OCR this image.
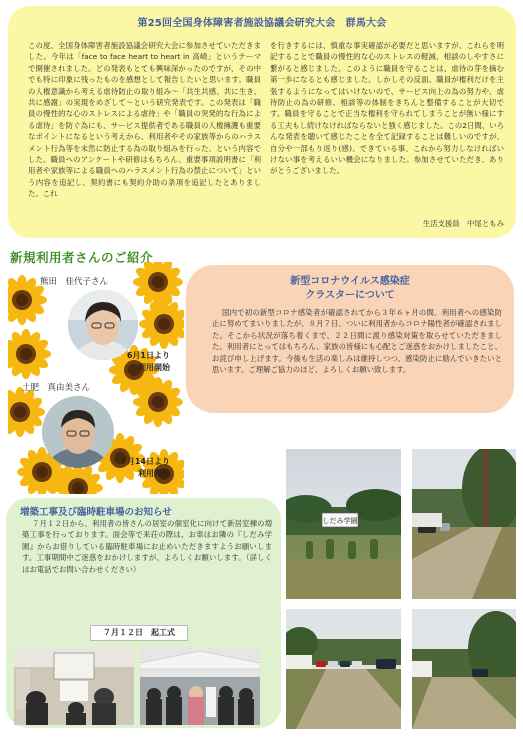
第25回全国身体障害者施設協議会研究大会　群馬大会
この度、全国身体障害者施設協議会研究大会に参加させていただきました。今年は「face to face heart to heart in 高崎」というテーマで開催されました。どの発表もとても興味深かったのですが、その中でも特に印象に残ったものを感想として報告したいと思います。職員の人権意識から考える虐待防止の取り組み〜「共生共感、共に生き、共に感謝」の実現をめざして〜という研究発表です。この発表は「職員の慢性的な心のストレスによる虐待」や「職員の突発的な行為による虐待」を防ぐ為にも、サービス提供者である職員の人権擁護も重要なポイントになるという考えから、利用者やその家族等からのハラスメント行為等を未然に防止する為の取り組みを行った、という内容でした。職員へのアンケートや研修はもちろん、重要事項説明書に「利用者や家族等による職員へのハラスメント行為の禁止について」という内容を追記し、契約書にも契約介助の条項を追記したとありました。これ
を行きするには、慎重な事実確認が必要だと思いますが、これらを明記することで職員の慢性的な心のストレスの軽減、相談のしやすさに繋がると感じました。このように職員を守ることは、虐待の芽を摘む第一歩になるとも感じました。しかしその反面、職員が権利だけを主張するようになってはいけないので、サービス向上の為の努力や、虐待防止の為の研修、相談等の体制をきちんと整備することが大切です。職員を守ることで正当な権利を守られてしまうことが無い様にする工夫もし続けなければならないと強く感じました。この2日間、いろんな発表を聴いて感じたことを全て記録することは難しいのですが、自分や一部もり返り(感)、できている事、これから努力しなければいけない事を考えるいい機会になりました。参加させていただき、ありがとうございました。
生活支援員　中尾ともみ
新規利用者さんのご紹介
熊田　佳代子さん
6月1日より
利用開始
土肥　真由美さん
7月14日より
利用開始
新型コロナウイルス感染症
クラスターについて
国内で初の新型コロナ感染者が確認されてから３年６ヶ月の間、利用者への感染防止に努めてまいりましたが、８月７日、ついに利用者からコロナ陽性者が確認されました。そこから状況が落ち着くまで、２２日間に渡り感染対策を取らせていただきました。利用者にとってはもちろん、家族の皆様にも心配とご迷惑をおかけしましたこと、お詫び申し上げます。今後も生活の楽しみは維持しつつ、感染防止に励んでいきたいと思います。ご理解ご協力のほど、よろしくお願い致します。
しだみ学園
増築工事及び臨時駐車場のお知らせ
７月１２日から、利用者の皆さんの居室の個室化に向けて新居室棟の増築工事を行っております。面会等で来荘の際は、お車はお隣の『しだみ学園』からお借りしている臨時駐車場にお止めいただきますようお願いします。工事期間中ご迷惑をおかけしますが、よろしくお願いします。（詳しくはお電話でお問い合わせください）
７月１２日　起工式
